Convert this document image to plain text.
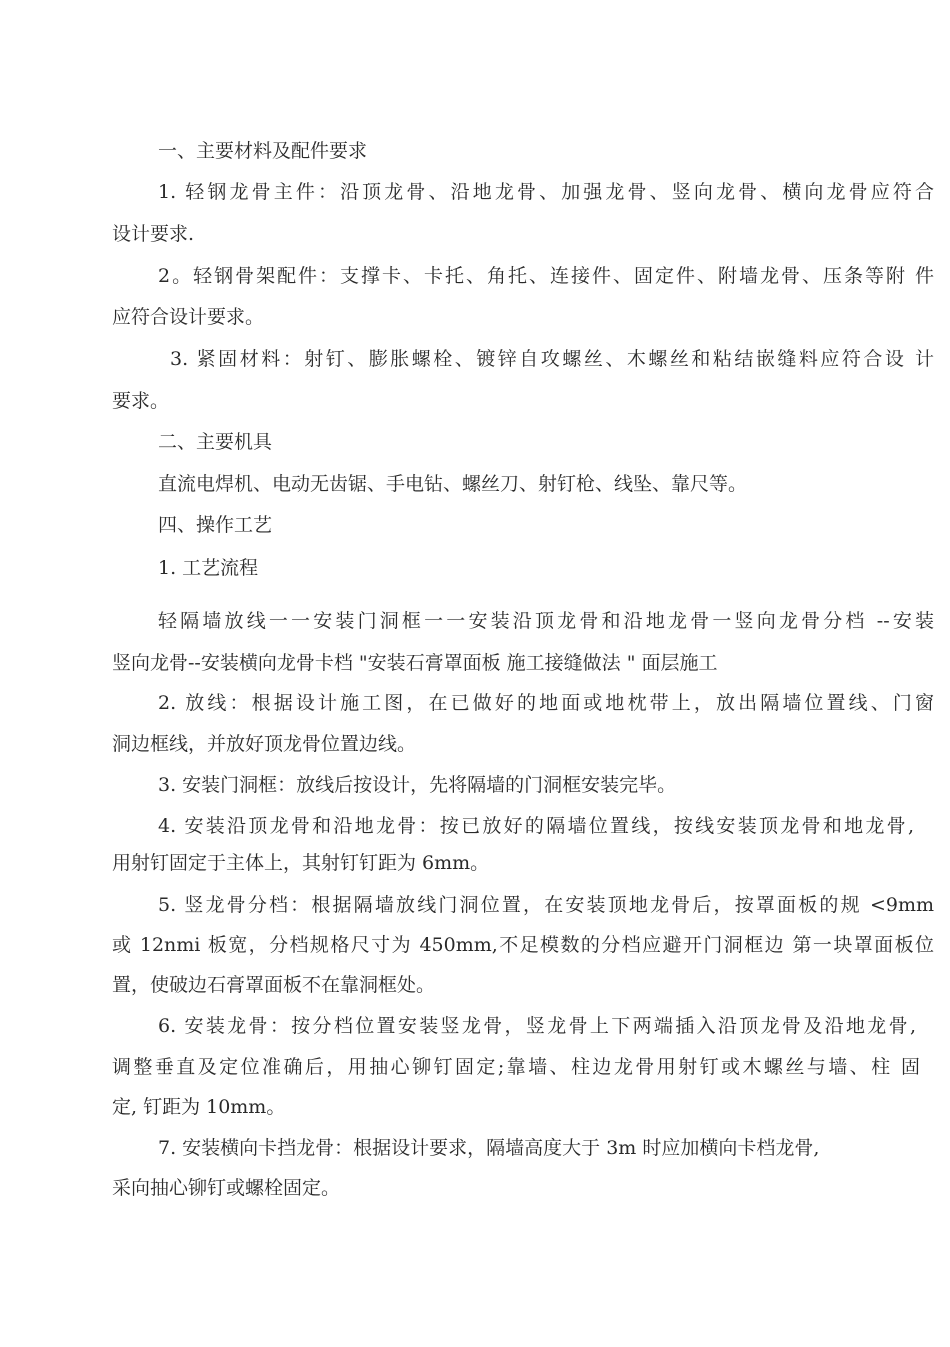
一、主要材料及配件要求
1. 轻钢龙骨主件：沿顶龙骨、沿地龙骨、加强龙骨、竖向龙骨、横向龙骨应符合
设计要求.
2。轻钢骨架配件：支撑卡、卡托、角托、连接件、固定件、附墙龙骨、压条等附 件
应符合设计要求。
3. 紧固材料：射钉、膨胀螺栓、镀锌自攻螺丝、木螺丝和粘结嵌缝料应符合设 计
要求。
二、主要机具
直流电焊机、电动无齿锯、手电钻、螺丝刀、射钉枪、线坠、靠尺等。
四、操作工艺
1. 工艺流程
轻隔墙放线一一安装门洞框一一安装沿顶龙骨和沿地龙骨一竖向龙骨分档 --安装
竖向龙骨--安装横向龙骨卡档 "安装石膏罩面板 施工接缝做法 " 面层施工
2. 放线：根据设计施工图，在已做好的地面或地枕带上，放出隔墙位置线、门窗
洞边框线，并放好顶龙骨位置边线。
3. 安装门洞框：放线后按设计，先将隔墙的门洞框安装完毕。
4. 安装沿顶龙骨和沿地龙骨：按已放好的隔墙位置线，按线安装顶龙骨和地龙骨,
用射钉固定于主体上，其射钉钉距为 6mm。
5. 竖龙骨分档：根据隔墙放线门洞位置，在安装顶地龙骨后，按罩面板的规 <9mm
或 12nmi 板宽，分档规格尺寸为 450mm,不足模数的分档应避开门洞框边 第一块罩面板位
置，使破边石膏罩面板不在靠洞框处。
6. 安装龙骨：按分档位置安装竖龙骨，竖龙骨上下两端插入沿顶龙骨及沿地龙骨,
调整垂直及定位准确后，用抽心铆钉固定;靠墙、柱边龙骨用射钉或木螺丝与墙、柱 固
定, 钉距为 10mm。
7. 安装横向卡挡龙骨：根据设计要求，隔墙高度大于 3m 时应加横向卡档龙骨,
采向抽心铆钉或螺栓固定。
